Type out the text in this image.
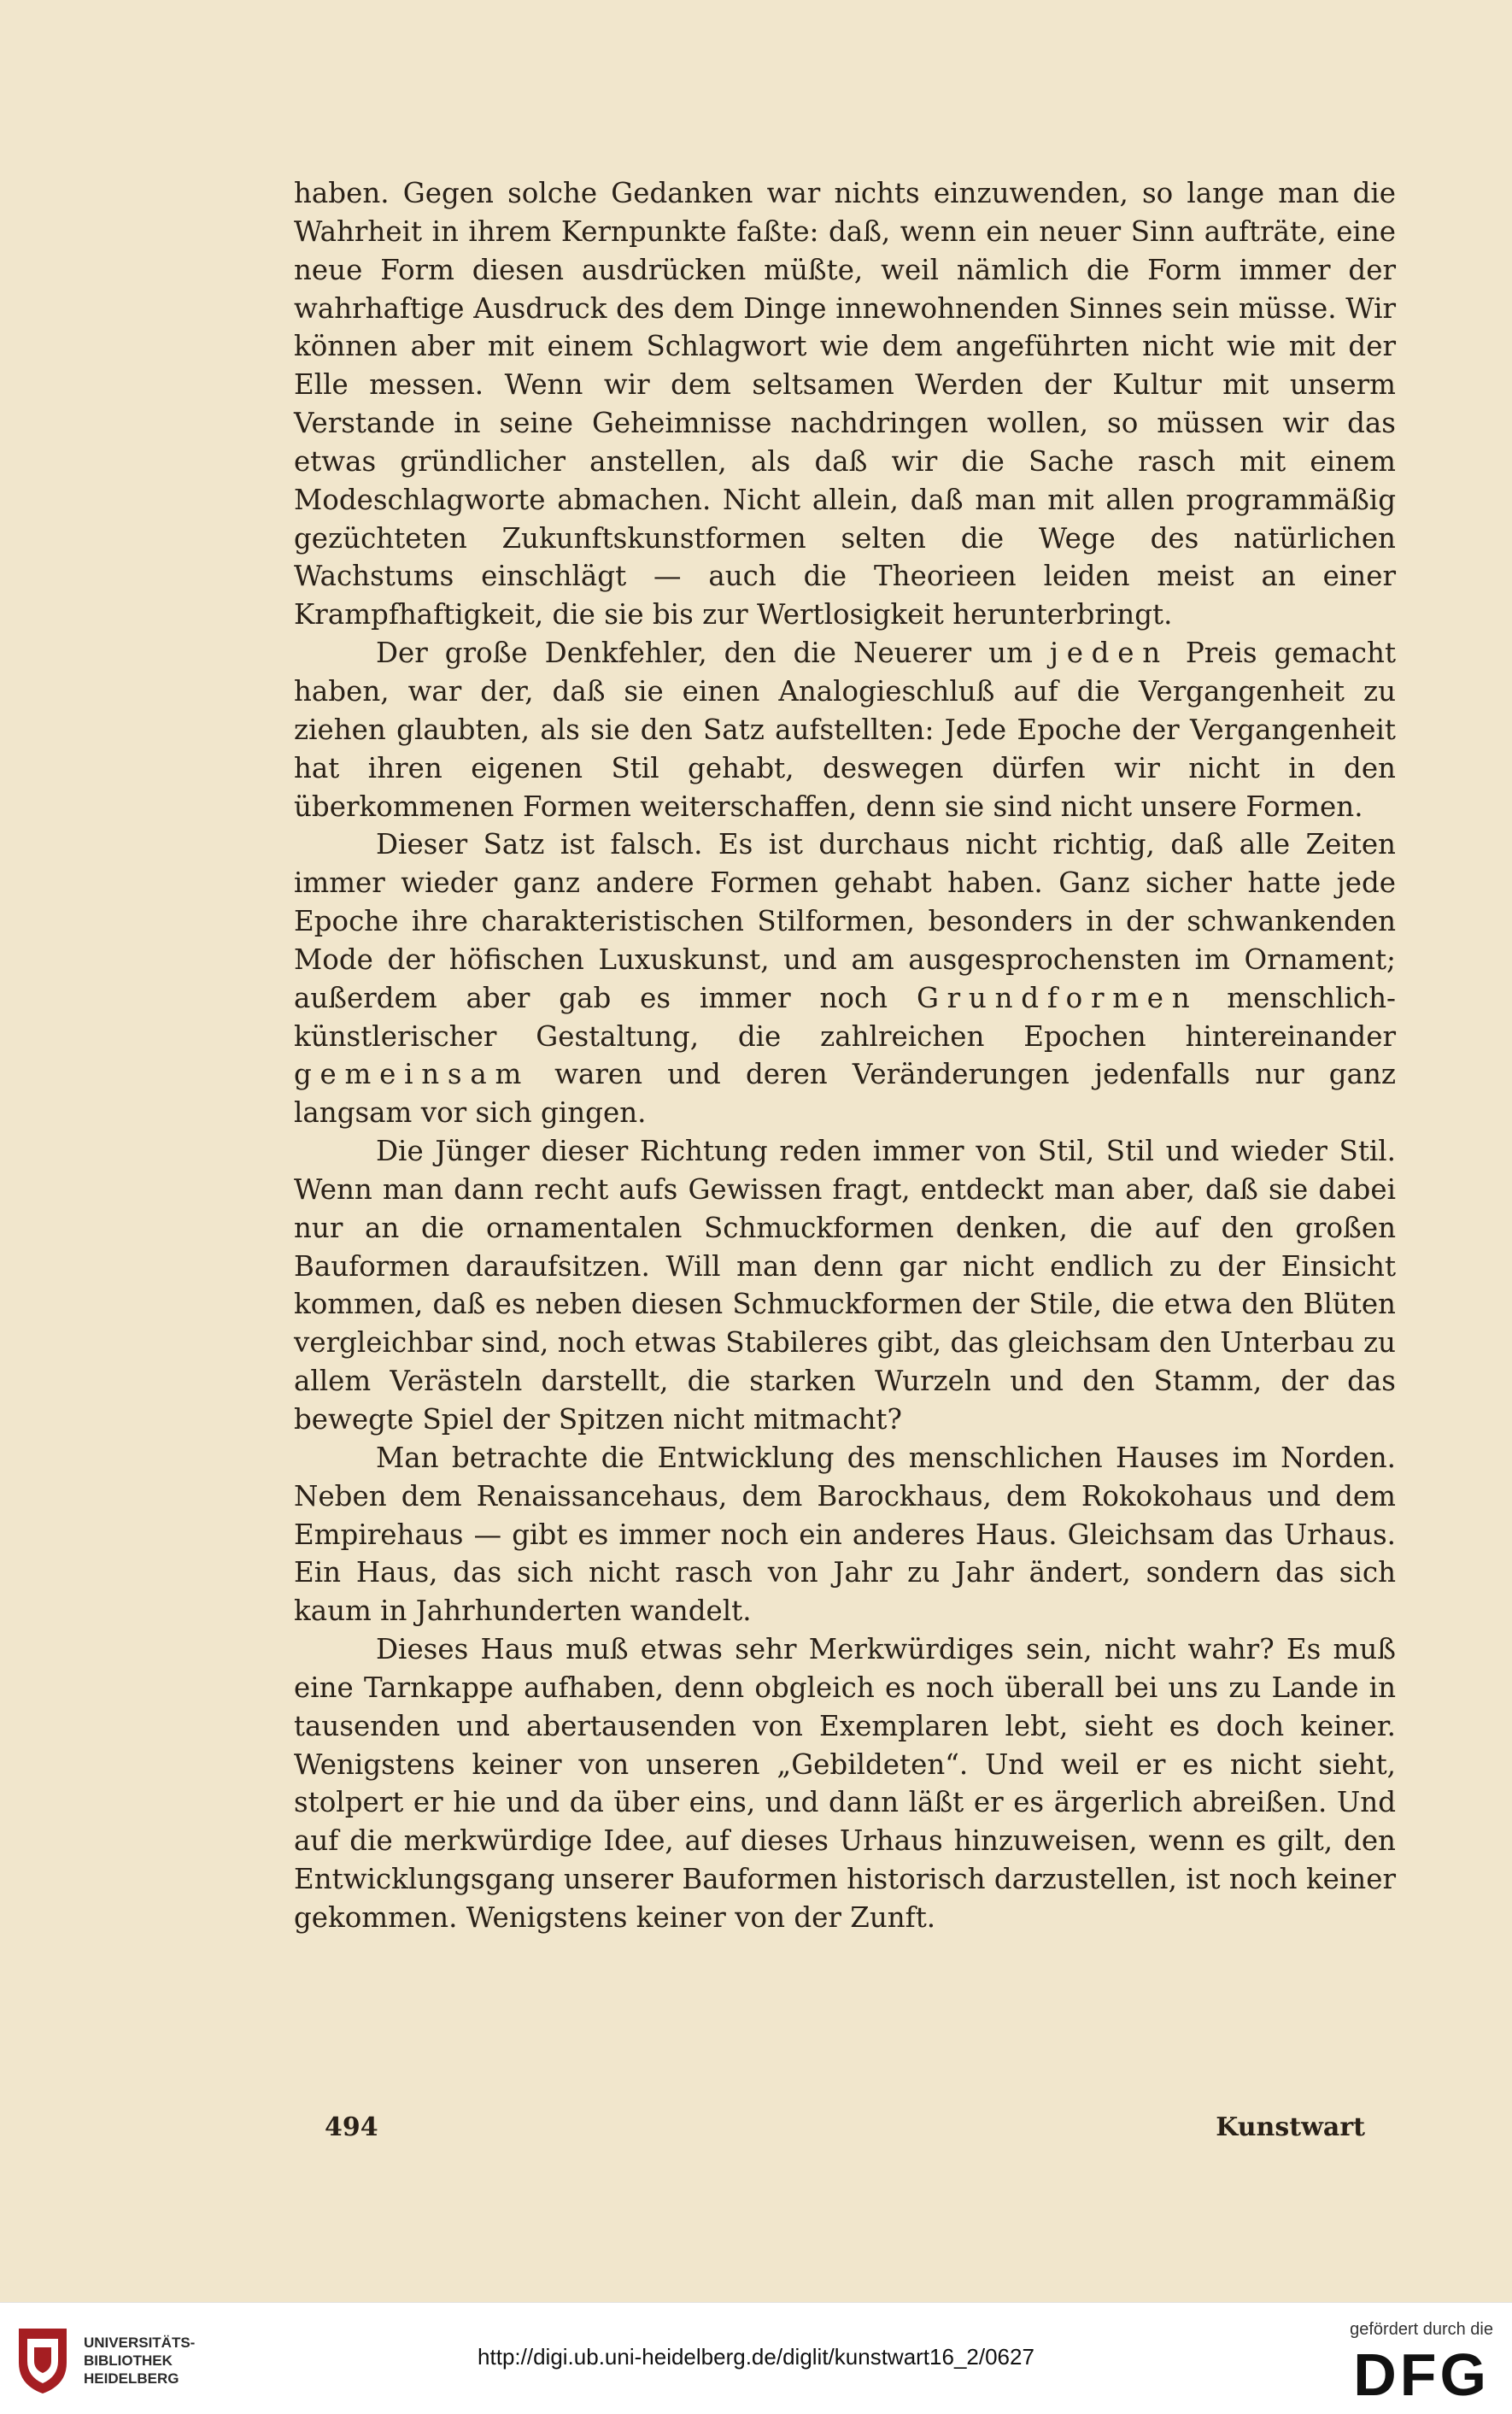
haben. Gegen solche Gedanken war nichts einzuwenden, so lange man die Wahrheit in ihrem Kernpunkte faßte: daß, wenn ein neuer Sinn aufträte, eine neue Form diesen ausdrücken müßte, weil nämlich die Form immer der wahrhaftige Ausdruck des dem Dinge innewohnenden Sinnes sein müsse. Wir können aber mit einem Schlagwort wie dem angeführten nicht wie mit der Elle messen. Wenn wir dem seltsamen Werden der Kultur mit unserm Verstande in seine Geheimnisse nachdringen wollen, so müssen wir das etwas gründlicher anstellen, als daß wir die Sache rasch mit einem Modeschlagworte abmachen. Nicht allein, daß man mit allen programmäßig gezüchteten Zukunftskunstformen selten die Wege des natürlichen Wachstums einschlägt — auch die Theorieen leiden meist an einer Krampfhaftigkeit, die sie bis zur Wertlosigkeit herunterbringt.

Der große Denkfehler, den die Neuerer um jeden Preis gemacht haben, war der, daß sie einen Analogieschluß auf die Vergangenheit zu ziehen glaubten, als sie den Satz aufstellten: Jede Epoche der Vergangenheit hat ihren eigenen Stil gehabt, deswegen dürfen wir nicht in den überkommenen Formen weiterschaffen, denn sie sind nicht unsere Formen.

Dieser Satz ist falsch. Es ist durchaus nicht richtig, daß alle Zeiten immer wieder ganz andere Formen gehabt haben. Ganz sicher hatte jede Epoche ihre charakteristischen Stilformen, besonders in der schwankenden Mode der höfischen Luxuskunst, und am ausgesprochensten im Ornament; außerdem aber gab es immer noch Grundformen menschlich-künstlerischer Gestaltung, die zahlreichen Epochen hintereinander gemeinsam waren und deren Veränderungen jedenfalls nur ganz langsam vor sich gingen.

Die Jünger dieser Richtung reden immer von Stil, Stil und wieder Stil. Wenn man dann recht aufs Gewissen fragt, entdeckt man aber, daß sie dabei nur an die ornamentalen Schmuckformen denken, die auf den großen Bauformen daraufsitzen. Will man denn gar nicht endlich zu der Einsicht kommen, daß es neben diesen Schmuckformen der Stile, die etwa den Blüten vergleichbar sind, noch etwas Stabileres gibt, das gleichsam den Unterbau zu allem Verästeln darstellt, die starken Wurzeln und den Stamm, der das bewegte Spiel der Spitzen nicht mitmacht?

Man betrachte die Entwicklung des menschlichen Hauses im Norden. Neben dem Renaissancehaus, dem Barockhaus, dem Rokokohaus und dem Empirehaus — gibt es immer noch ein anderes Haus. Gleichsam das Urhaus. Ein Haus, das sich nicht rasch von Jahr zu Jahr ändert, sondern das sich kaum in Jahrhunderten wandelt.

Dieses Haus muß etwas sehr Merkwürdiges sein, nicht wahr? Es muß eine Tarnkappe aufhaben, denn obgleich es noch überall bei uns zu Lande in tausenden und abertausenden von Exemplaren lebt, sieht es doch keiner. Wenigstens keiner von unseren „Gebildeten“. Und weil er es nicht sieht, stolpert er hie und da über eins, und dann läßt er es ärgerlich abreißen. Und auf die merkwürdige Idee, auf dieses Urhaus hinzuweisen, wenn es gilt, den Entwicklungsgang unserer Bauformen historisch darzustellen, ist noch keiner gekommen. Wenigstens keiner von der Zunft.

494	Kunstwart
UNIVERSITÄTS-
BIBLIOTHEK
HEIDELBERG
http://digi.ub.uni-heidelberg.de/diglit/kunstwart16_2/0627
gefördert durch die
DFG
